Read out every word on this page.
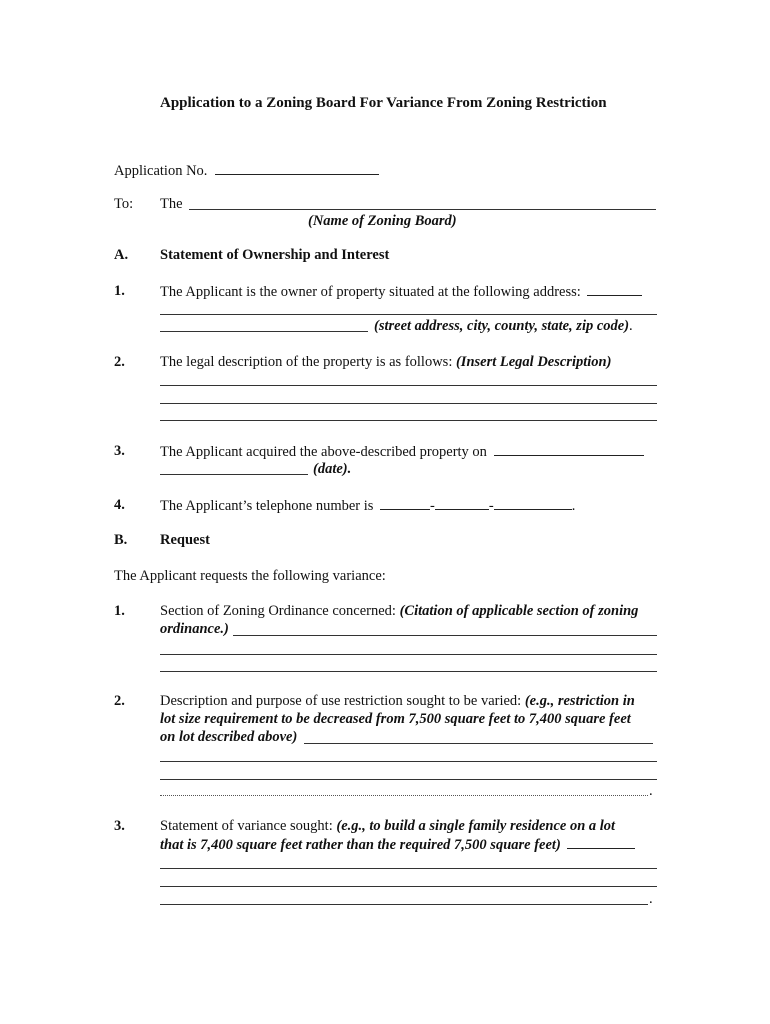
Application to a Zoning Board For Variance From Zoning Restriction
Application No.
To: The
(Name of Zoning Board)
A. Statement of Ownership and Interest
1. The Applicant is the owner of property situated at the following address:
(street address, city, county, state, zip code).
2. The legal description of the property is as follows: (Insert Legal Description)
3. The Applicant acquired the above-described property on
(date).
4. The Applicant’s telephone number is	-	-	.
B. Request
The Applicant requests the following variance:
1. Section of Zoning Ordinance concerned: (Citation of applicable section of zoning
ordinance.)
2. Description and purpose of use restriction sought to be varied: (e.g., restriction in
lot size requirement to be decreased from 7,500 square feet to 7,400 square feet
on lot described above)
.
3. Statement of variance sought: (e.g., to build a single family residence on a lot
that is 7,400 square feet rather than the required 7,500 square feet)
.
